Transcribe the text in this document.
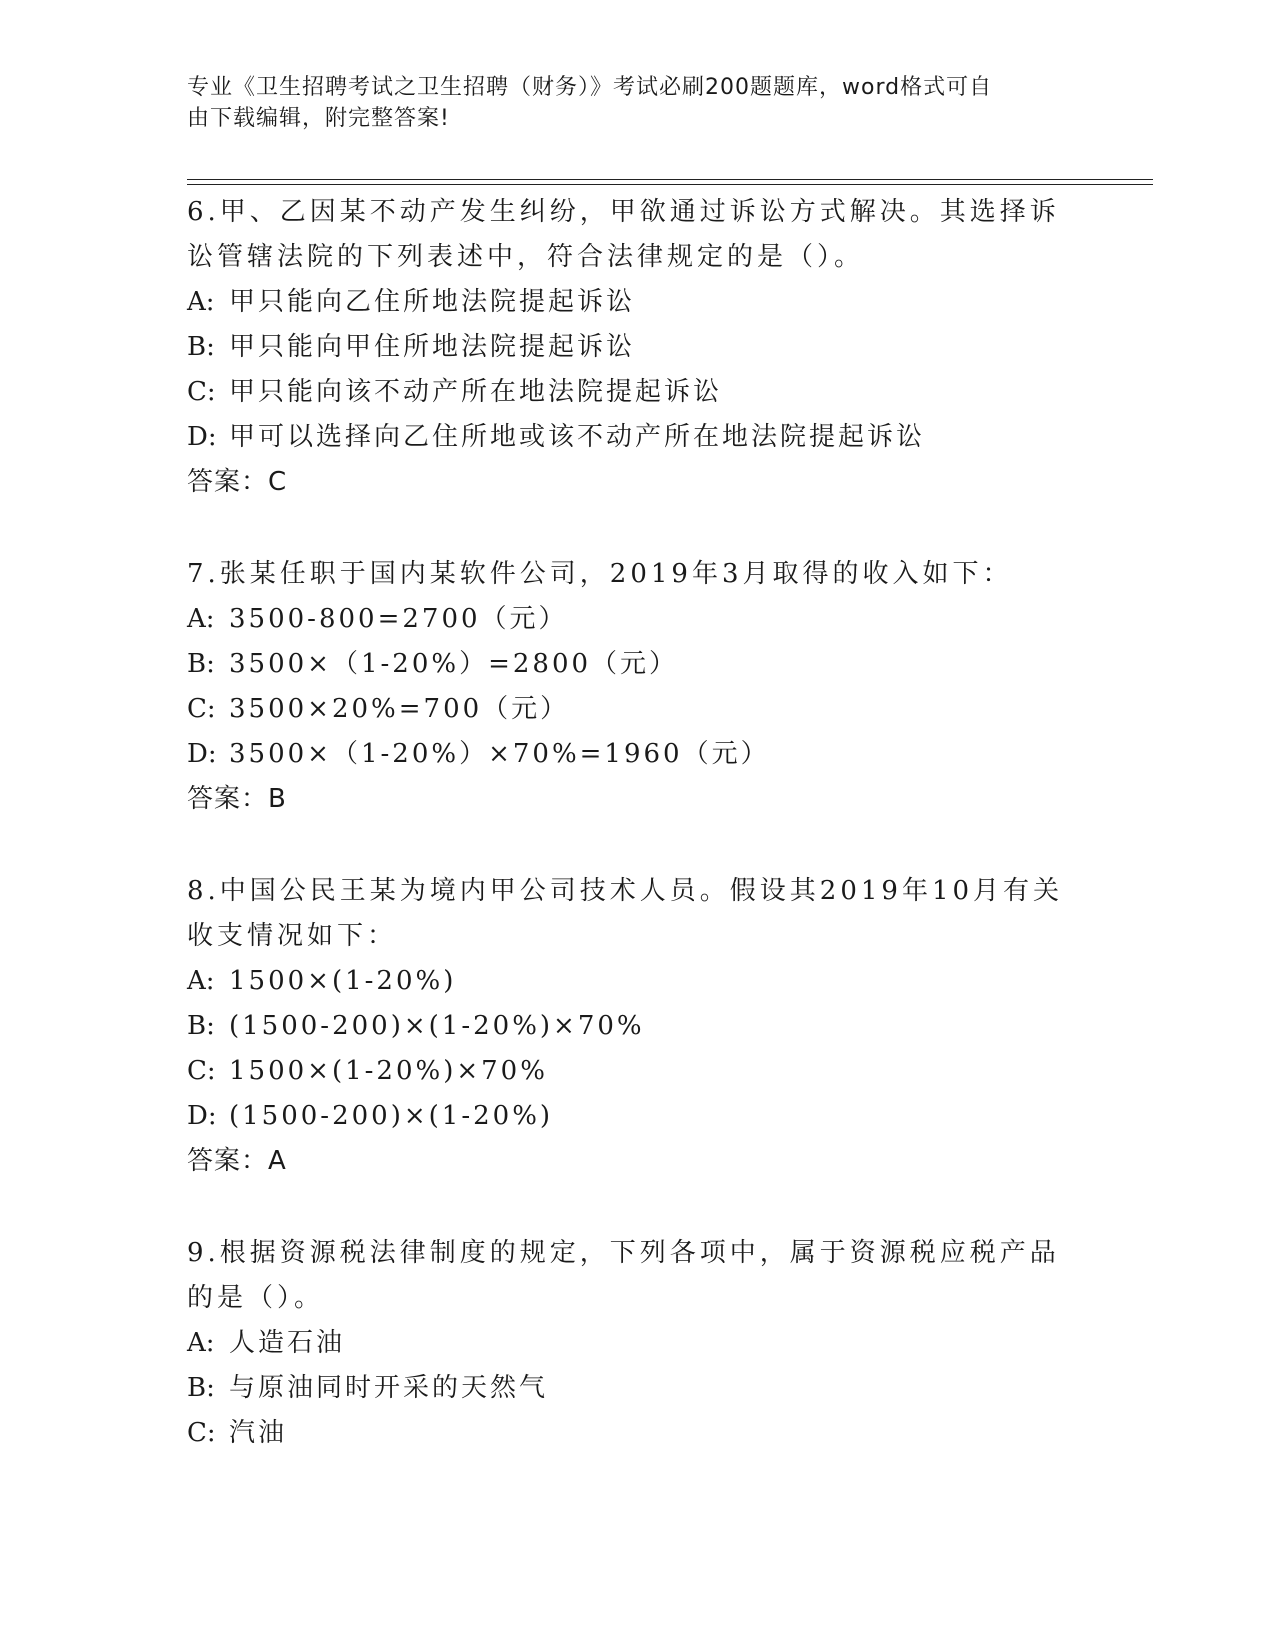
专业《卫生招聘考试之卫生招聘（财务）》考试必刷200题题库，word格式可自
由下载编辑，附完整答案!

6.甲、乙因某不动产发生纠纷，甲欲通过诉讼方式解决。其选择诉讼管辖法院的下列表述中，符合法律规定的是（）。

A: 甲只能向乙住所地法院提起诉讼
B: 甲只能向甲住所地法院提起诉讼
C: 甲只能向该不动产所在地法院提起诉讼
D: 甲可以选择向乙住所地或该不动产所在地法院提起诉讼
答案：C

7.张某任职于国内某软件公司，2019年3月取得的收入如下：

A: 3500-800=2700（元）
B: 3500×（1-20%）=2800（元）
C: 3500×20%=700（元）
D: 3500×（1-20%）×70%=1960（元）
答案：B

8.中国公民王某为境内甲公司技术人员。假设其2019年10月有关收支情况如下：

A: 1500×(1-20%)
B: (1500-200)×(1-20%)×70%
C: 1500×(1-20%)×70%
D: (1500-200)×(1-20%)
答案：A

9.根据资源税法律制度的规定，下列各项中，属于资源税应税产品的是（）。

A: 人造石油
B: 与原油同时开采的天然气
C: 汽油
